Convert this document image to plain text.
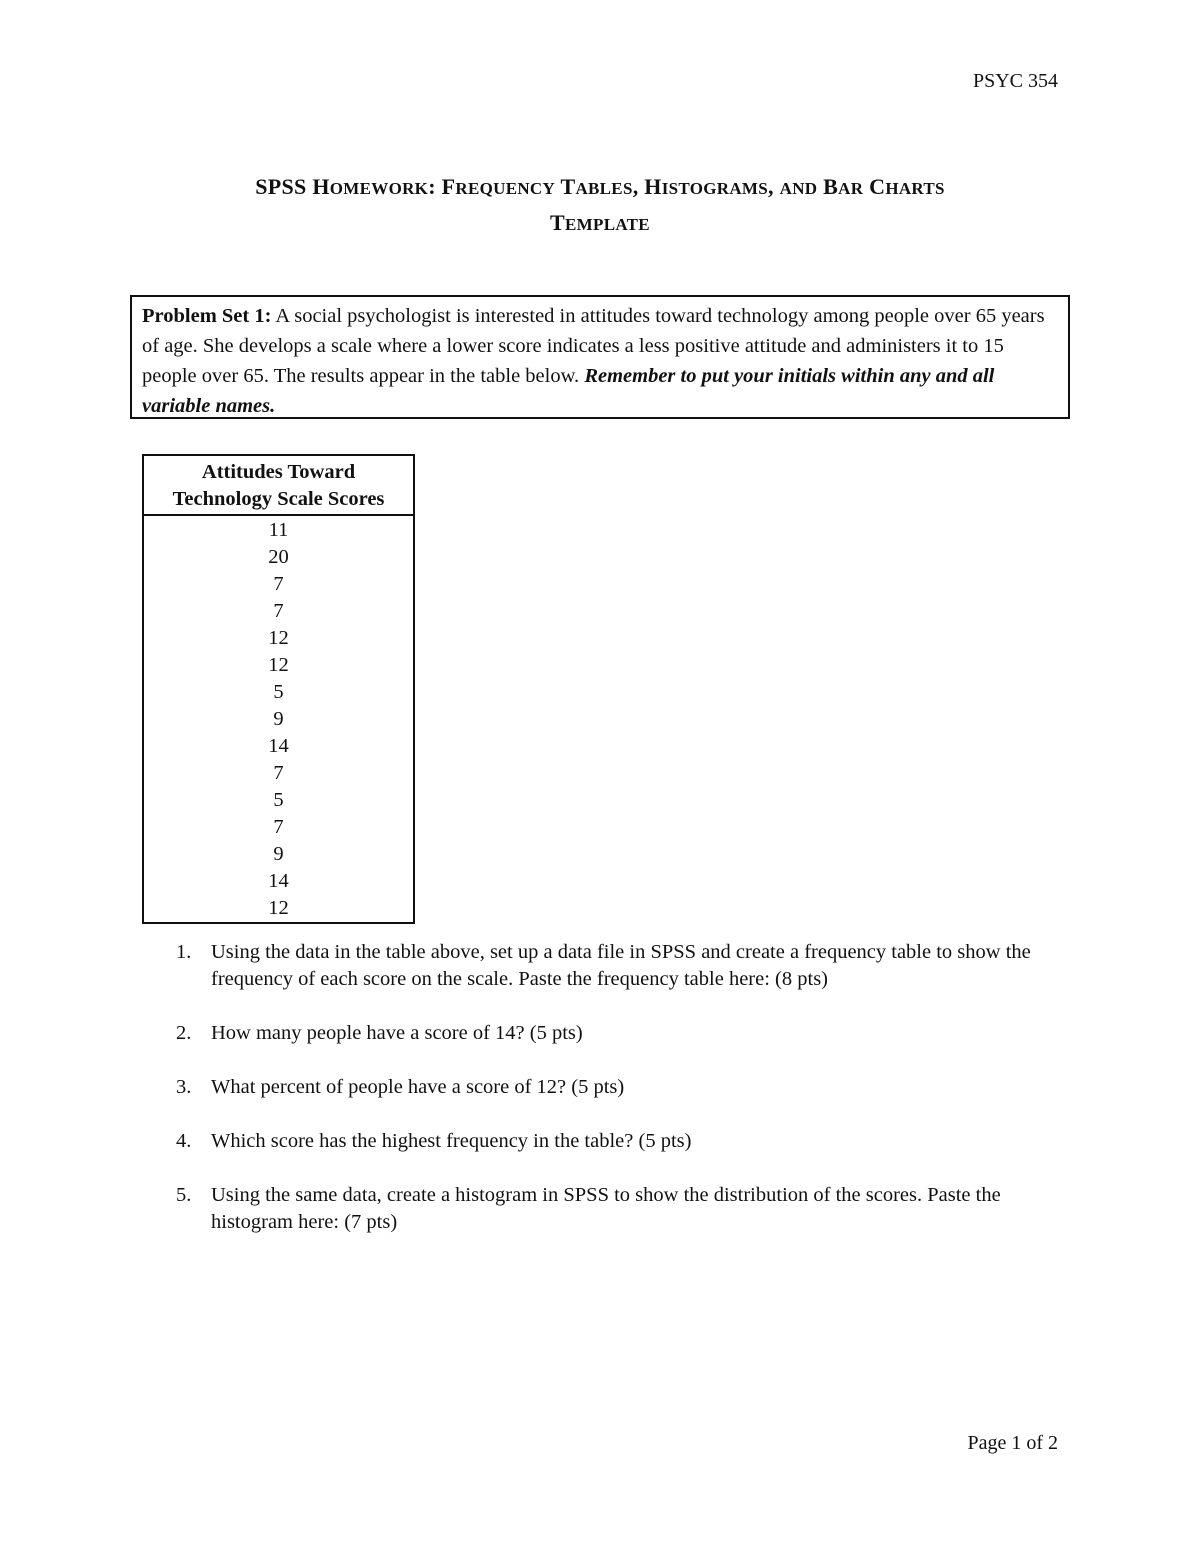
PSYC 354
SPSS HOMEWORK: FREQUENCY TABLES, HISTOGRAMS, AND BAR CHARTS
TEMPLATE
Problem Set 1: A social psychologist is interested in attitudes toward technology among people over 65 years of age. She develops a scale where a lower score indicates a less positive attitude and administers it to 15 people over 65. The results appear in the table below. Remember to put your initials within any and all variable names.
Attitudes Toward
Technology Scale Scores
11
20
7
7
12
12
5
9
14
7
5
7
9
14
12
1. Using the data in the table above, set up a data file in SPSS and create a frequency table to show the frequency of each score on the scale. Paste the frequency table here: (8 pts)
2. How many people have a score of 14? (5 pts)
3. What percent of people have a score of 12? (5 pts)
4. Which score has the highest frequency in the table? (5 pts)
5. Using the same data, create a histogram in SPSS to show the distribution of the scores. Paste the histogram here: (7 pts)
Page 1 of 2
